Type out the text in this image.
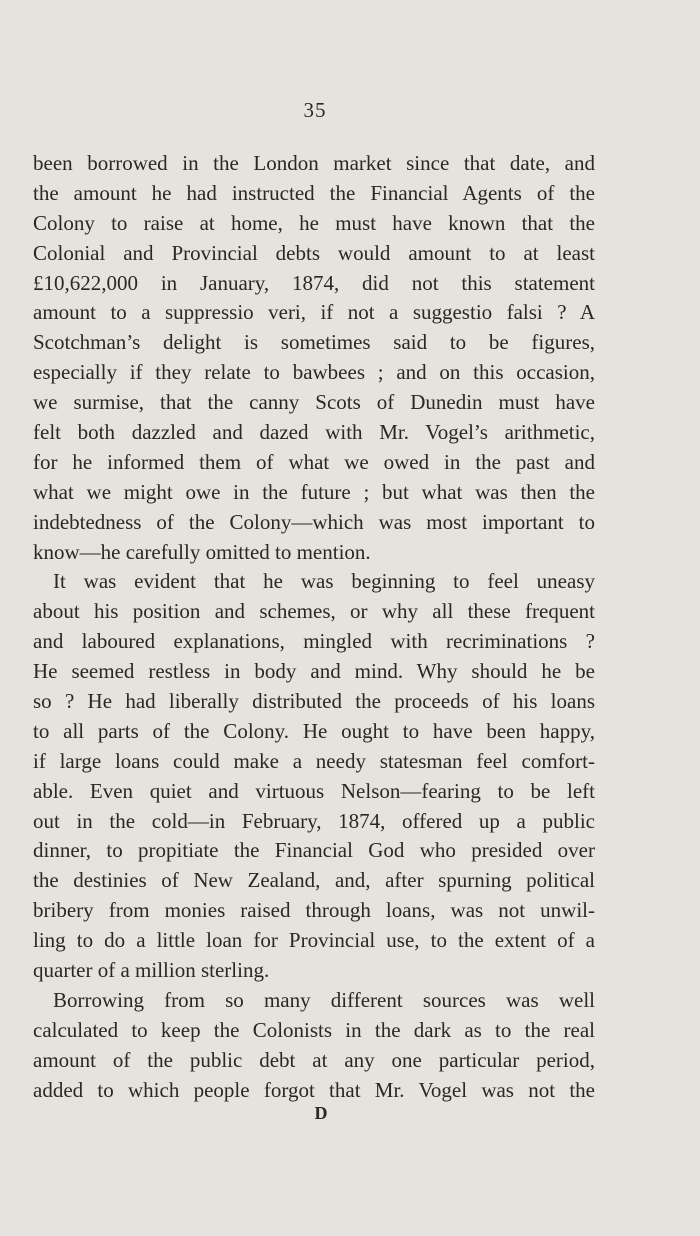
35
been borrowed in the London market since that date, and
the amount he had instructed the Financial Agents of the
Colony to raise at home, he must have known that the
Colonial and Provincial debts would amount to at least
£10,622,000 in January, 1874, did not this statement
amount to a suppressio veri, if not a suggestio falsi ? A
Scotchman’s delight is sometimes said to be figures,
especially if they relate to bawbees ; and on this occasion,
we surmise, that the canny Scots of Dunedin must have
felt both dazzled and dazed with Mr. Vogel’s arithmetic,
for he informed them of what we owed in the past and
what we might owe in the future ; but what was then the
indebtedness of the Colony—which was most important to
know—he carefully omitted to mention.
It was evident that he was beginning to feel uneasy
about his position and schemes, or why all these frequent
and laboured explanations, mingled with recriminations ?
He seemed restless in body and mind. Why should he be
so ? He had liberally distributed the proceeds of his loans
to all parts of the Colony. He ought to have been happy,
if large loans could make a needy statesman feel comfort-
able. Even quiet and virtuous Nelson—fearing to be left
out in the cold—in February, 1874, offered up a public
dinner, to propitiate the Financial God who presided over
the destinies of New Zealand, and, after spurning political
bribery from monies raised through loans, was not unwil-
ling to do a little loan for Provincial use, to the extent of a
quarter of a million sterling.
Borrowing from so many different sources was well
calculated to keep the Colonists in the dark as to the real
amount of the public debt at any one particular period,
added to which people forgot that Mr. Vogel was not the
D
